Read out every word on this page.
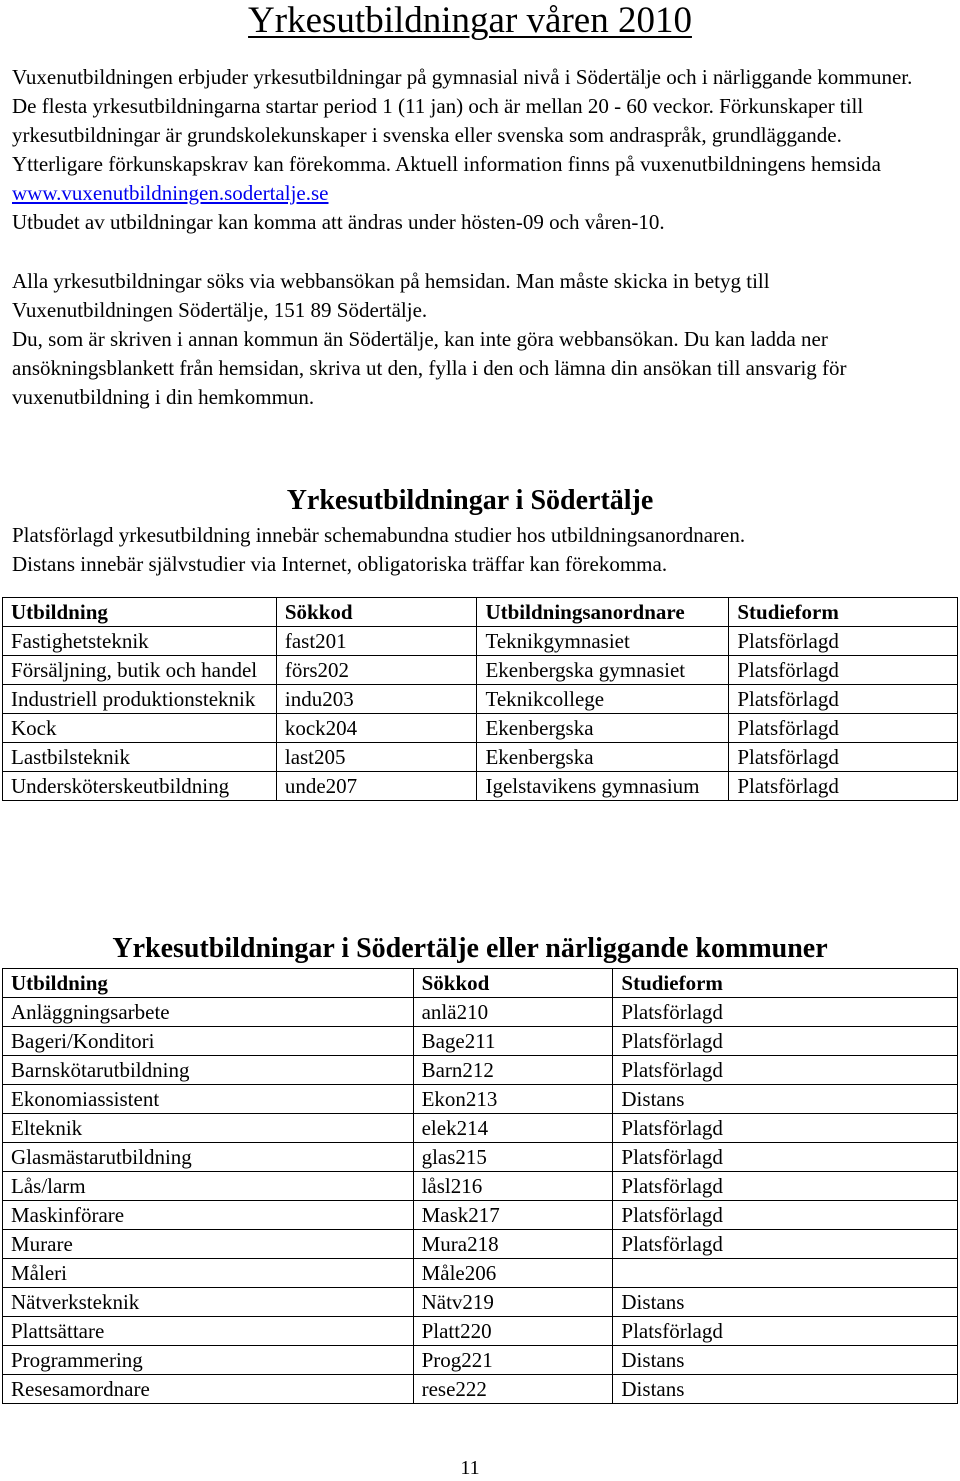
Yrkesutbildningar våren 2010

Vuxenutbildningen erbjuder yrkesutbildningar på gymnasial nivå i Södertälje och i närliggande kommuner. De flesta yrkesutbildningarna startar period 1 (11 jan) och är mellan 20 - 60 veckor. Förkunskaper till yrkesutbildningar är grundskolekunskaper i svenska eller svenska som andraspråk, grundläggande. Ytterligare förkunskapskrav kan förekomma. Aktuell information finns på vuxenutbildningens hemsida
www.vuxenutbildningen.sodertalje.se

Utbudet av utbildningar kan komma att ändras under hösten-09 och våren-10.

Alla yrkesutbildningar söks via webbansökan på hemsidan. Man måste skicka in betyg till Vuxenutbildningen Södertälje, 151 89 Södertälje.

Du, som är skriven i annan kommun än Södertälje, kan inte göra webbansökan. Du kan ladda ner ansökningsblankett från hemsidan, skriva ut den, fylla i den och lämna din ansökan till ansvarig för vuxenutbildning i din hemkommun.

Yrkesutbildningar i Södertälje

Platsförlagd yrkesutbildning innebär schemabundna studier hos utbildningsanordnaren.

Distans innebär självstudier via Internet, obligatoriska träffar kan förekomma.

Utbildning	Sökkod	Utbildningsanordnare	Studieform
Fastighetsteknik	fast201	Teknikgymnasiet	Platsförlagd
Försäljning, butik och handel	förs202	Ekenbergska gymnasiet	Platsförlagd
Industriell produktionsteknik	indu203	Teknikcollege	Platsförlagd
Kock	kock204	Ekenbergska	Platsförlagd
Lastbilsteknik	last205	Ekenbergska	Platsförlagd
Undersköterskeutbildning	unde207	Igelstavikens gymnasium	Platsförlagd
Yrkesutbildningar i Södertälje eller närliggande kommuner
Utbildning	Sökkod	Studieform
Anläggningsarbete	anlä210	Platsförlagd
Bageri/Konditori	Bage211	Platsförlagd
Barnskötarutbildning	Barn212	Platsförlagd
Ekonomiassistent	Ekon213	Distans
Elteknik	elek214	Platsförlagd
Glasmästarutbildning	glas215	Platsförlagd
Lås/larm	låsl216	Platsförlagd
Maskinförare	Mask217	Platsförlagd
Murare	Mura218	Platsförlagd
Måleri	Måle206	
Nätverksteknik	Nätv219	Distans
Plattsättare	Platt220	Platsförlagd
Programmering	Prog221	Distans
Resesamordnare	rese222	Distans
11
